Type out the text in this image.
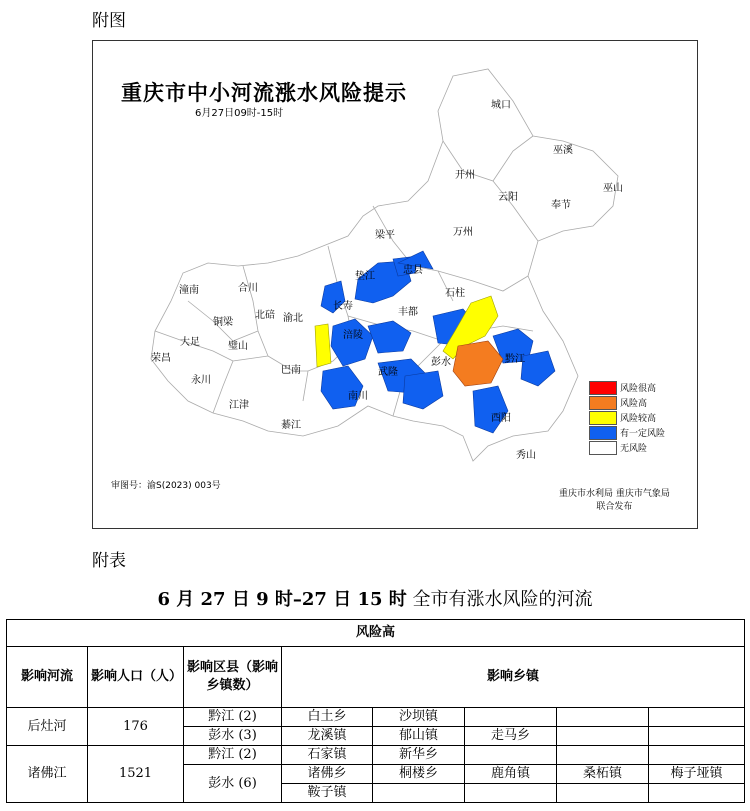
附图
重庆市中小河流涨水风险提示
6月27日09时-15时
城口
巫溪
开州
云阳
奉节
巫山
梁平	万州
垫江
忠县
石柱
丰都
长寿
涪陵
武隆
彭水	黔江
酉阳
秀山
南川
綦江
江津
巴南
渝北
北碚
合川
潼南
铜梁
大足	璧山
荣昌
永川
风险很高
风险高
风险较高
有一定风险
无风险
审图号：渝S(2023) 003号
重庆市水利局 重庆市气象局
联合发布
附表
6 月 27 日 9 时–27 日 15 时 全市有涨水风险的河流
风险高							
影响河流	影响人口（人）	影响区县（影响乡镇数）	影响乡镇				
后灶河	176	黔江 (2)	白土乡	沙坝镇			
		彭水 (3)	龙溪镇	郁山镇	走马乡		
诸佛江	1521	黔江 (2)	石家镇	新华乡			
		彭水 (6)	诸佛乡	桐楼乡	鹿角镇	桑柘镇	梅子垭镇
			鞍子镇				
